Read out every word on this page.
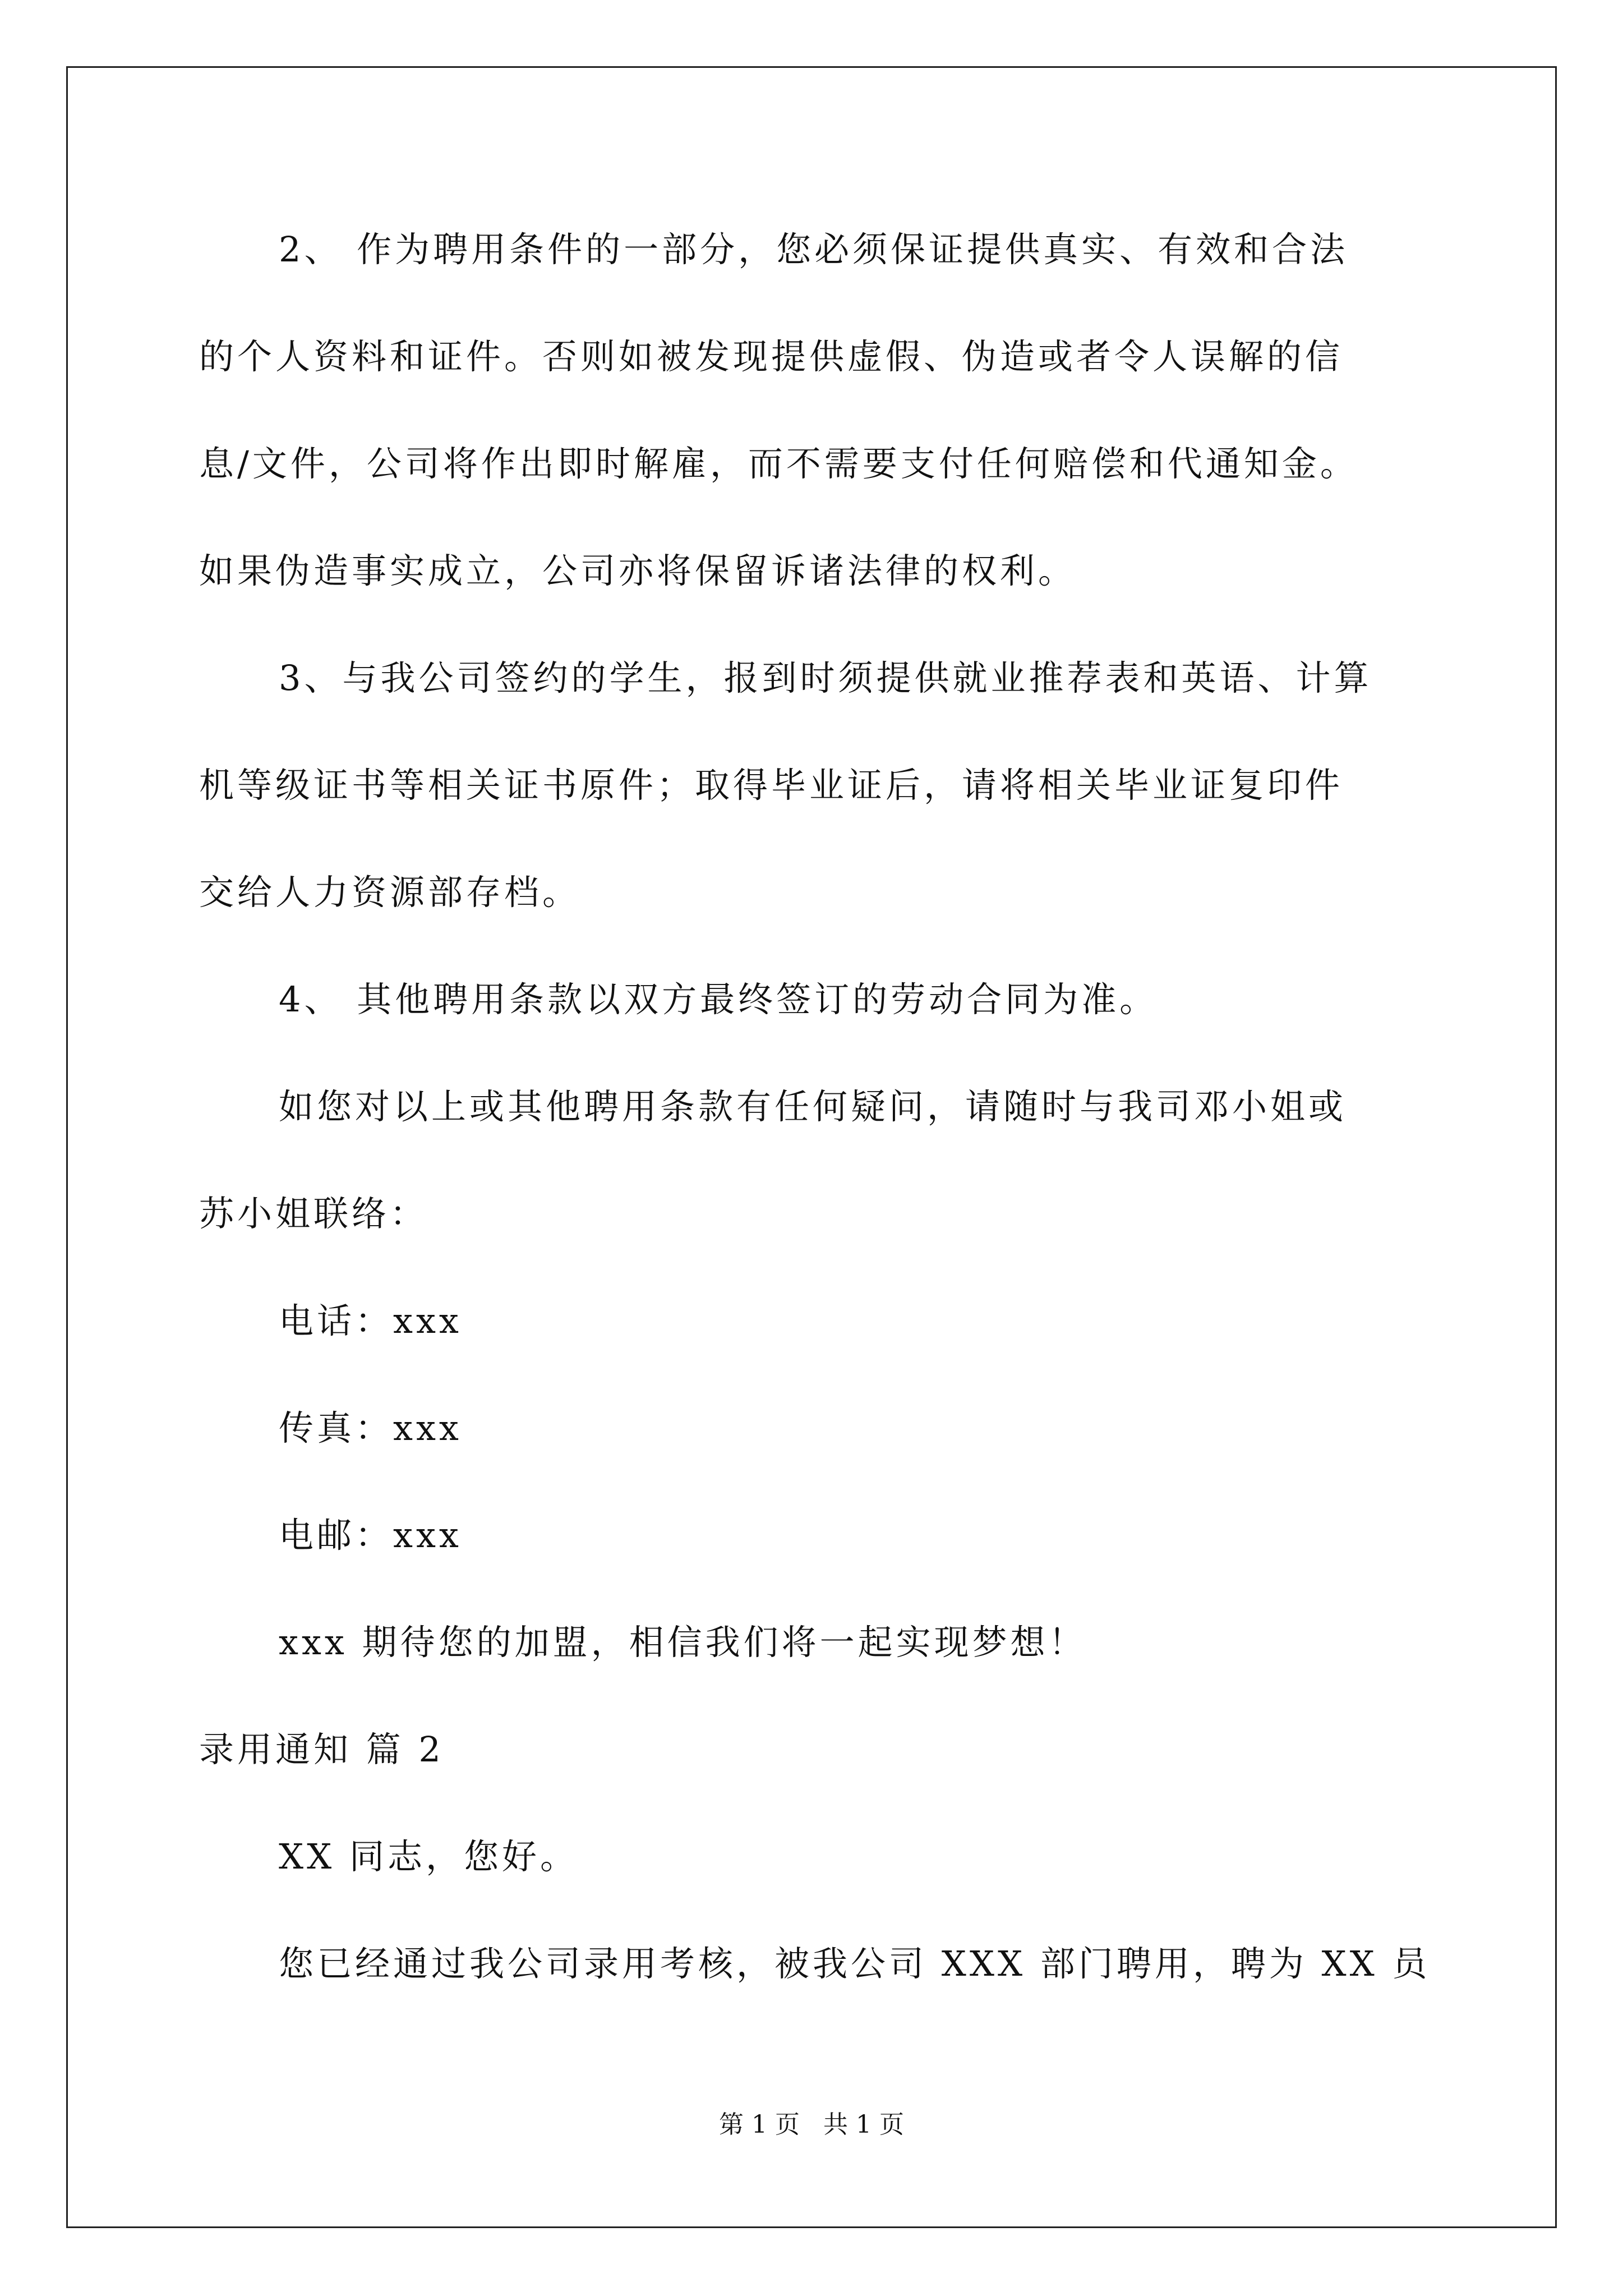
2、 作为聘用条件的一部分，您必须保证提供真实、有效和合法
的个人资料和证件。否则如被发现提供虚假、伪造或者令人误解的信
息/文件，公司将作出即时解雇，而不需要支付任何赔偿和代通知金。
如果伪造事实成立，公司亦将保留诉诸法律的权利。
3、与我公司签约的学生，报到时须提供就业推荐表和英语、计算
机等级证书等相关证书原件；取得毕业证后，请将相关毕业证复印件
交给人力资源部存档。
4、 其他聘用条款以双方最终签订的劳动合同为准。
如您对以上或其他聘用条款有任何疑问，请随时与我司邓小姐或
苏小姐联络：
电话：xxx
传真：xxx
电邮：xxx
xxx 期待您的加盟，相信我们将一起实现梦想！
录用通知 篇 2
XX 同志，您好。
您已经通过我公司录用考核，被我公司 XXX 部门聘用，聘为 XX 员
第 1 页   共 1 页
